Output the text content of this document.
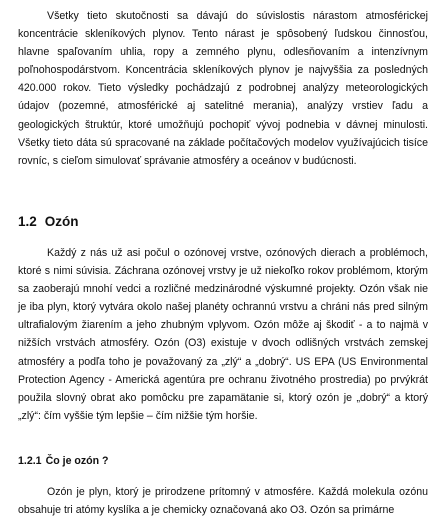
Všetky tieto skutočnosti sa dávajú do súvislostis nárastom atmosférickej koncentrácie skleníkových plynov. Tento nárast je spôsobený ľudskou činnosťou, hlavne spaľovaním uhlia, ropy a zemného plynu, odlesňovaním a intenzívnym poľnohospodárstvom. Koncentrácia skleníkových plynov je najvyššia za posledných 420.000 rokov. Tieto výsledky pochádzajú z podrobnej analýzy meteorologických údajov (pozemné, atmosférické aj satelitné merania), analýzy vrstiev ľadu a geologických štruktúr, ktoré umožňujú pochopiť vývoj podnebia v dávnej minulosti. Všetky tieto dáta sú spracované na základe počítačových modelov využívajúcich tisíce rovníc, s cieľom simulovať správanie atmosféry a oceánov v budúcnosti.

1.2 Ozón

Každý z nás už asi počul o ozónovej vrstve, ozónových dierach a problémoch, ktoré s nimi súvisia. Záchrana ozónovej vrstvy je už niekoľko rokov problémom, ktorým sa zaoberajú mnohí vedci a rozličné medzinárodné výskumné projekty. Ozón však nie je iba plyn, ktorý vytvára okolo našej planéty ochrannú vrstvu a chráni nás pred silným ultrafialovým žiarením a jeho zhubným vplyvom. Ozón môže aj škodiť - a to najmä v nižších vrstvách atmosféry. Ozón (O3) existuje v dvoch odlišných vrstvách zemskej atmosféry a podľa toho je považovaný za „zlý“ a „dobrý“. US EPA (US Environmental Protection Agency - Americká agentúra pre ochranu životného prostredia) po prvýkrát použila slovný obrat ako pomôcku pre zapamätanie si, ktorý ozón je „dobrý“ a ktorý „zlý“: čím vyššie tým lepšie – čím nižšie tým horšie.

1.2.1 Čo je ozón ?

Ozón je plyn, ktorý je prirodzene prítomný v atmosfére. Každá molekula ozónu obsahuje tri atómy kyslíka a je chemicky označovaná ako O3. Ozón sa primárne
